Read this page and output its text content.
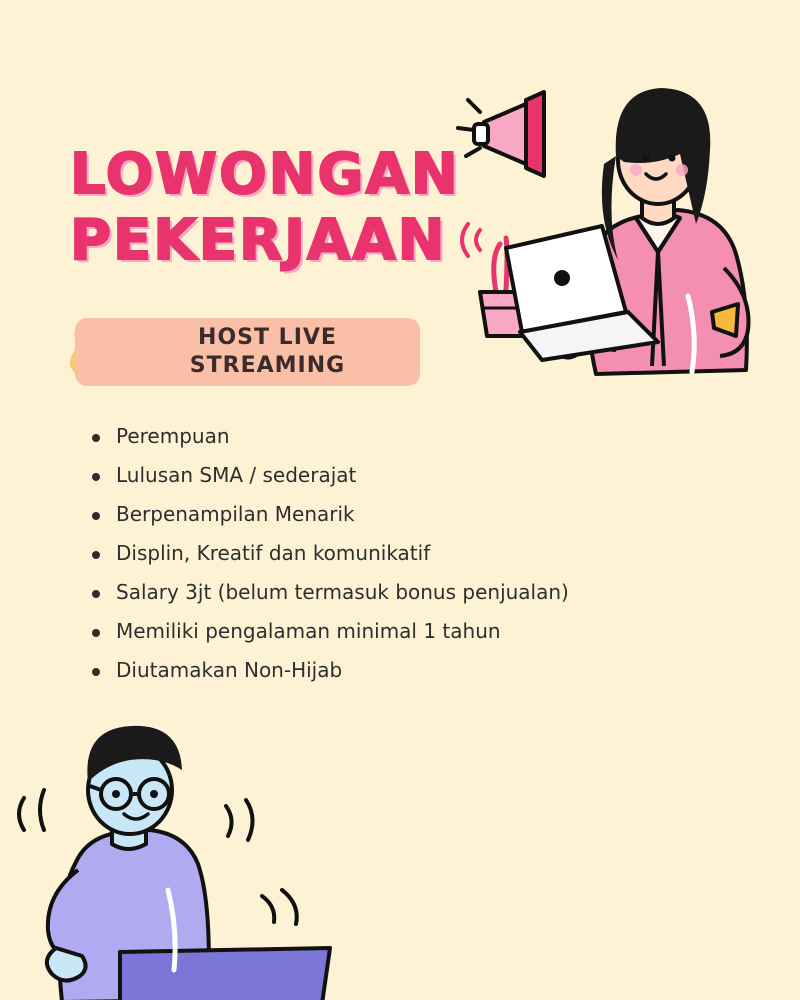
LOWONGAN
PEKERJAAN
HOST LIVE
STREAMING
Perempuan
Lulusan SMA / sederajat
Berpenampilan Menarik
Displin, Kreatif dan komunikatif
Salary 3jt (belum termasuk bonus penjualan)
Memiliki pengalaman minimal 1 tahun
Diutamakan Non-Hijab
